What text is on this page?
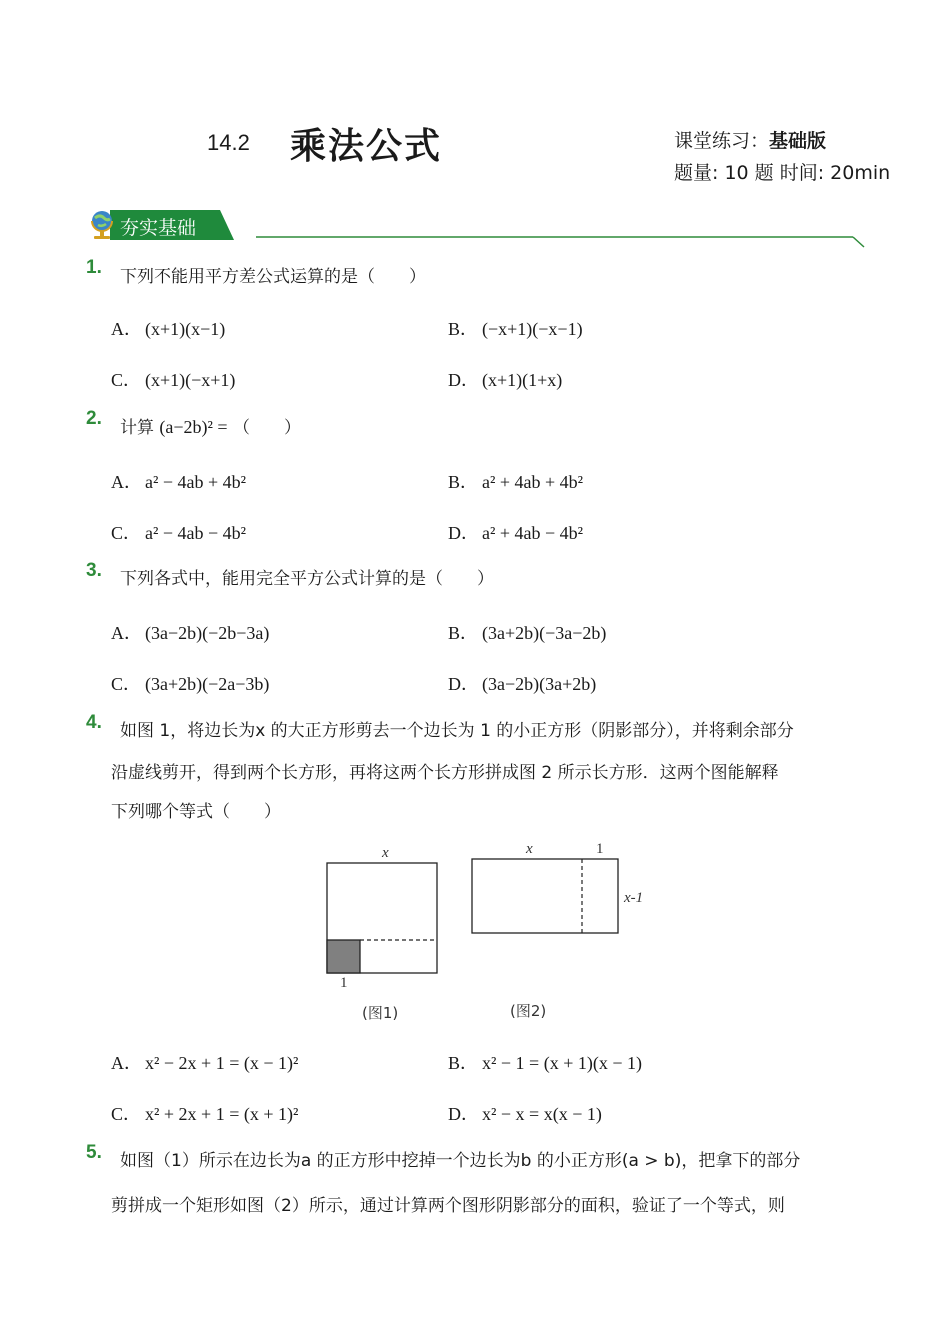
14.2 乘法公式	课堂练习：基础版
题量: 10 题 时间: 20min
夯实基础
1. 下列不能用平方差公式运算的是（　　）
A． (x+1)(x−1)	B． (−x+1)(−x−1)
C． (x+1)(−x+1)	D． (x+1)(1+x)
2. 计算 (a−2b)² = （　　）
A． a² − 4ab + 4b²	B． a² + 4ab + 4b²
C． a² − 4ab − 4b²	D． a² + 4ab − 4b²
3. 下列各式中，能用完全平方公式计算的是（　　）
A． (3a−2b)(−2b−3a)	B． (3a+2b)(−3a−2b)
C． (3a+2b)(−2a−3b)	D． (3a−2b)(3a+2b)
4. 如图 1，将边长为x 的大正方形剪去一个边长为 1 的小正方形（阴影部分），并将剩余部分
沿虚线剪开，得到两个长方形，再将这两个长方形拼成图 2 所示长方形．这两个图能解释
下列哪个等式（　　）
x
1
x	1
x-1
(图1)	(图2)
A． x² − 2x + 1 = (x − 1)²	B． x² − 1 = (x + 1)(x − 1)
C． x² + 2x + 1 = (x + 1)²	D． x² − x = x(x − 1)
5. 如图（1）所示在边长为a 的正方形中挖掉一个边长为b 的小正方形(a > b)，把拿下的部分
剪拼成一个矩形如图（2）所示，通过计算两个图形阴影部分的面积，验证了一个等式，则
